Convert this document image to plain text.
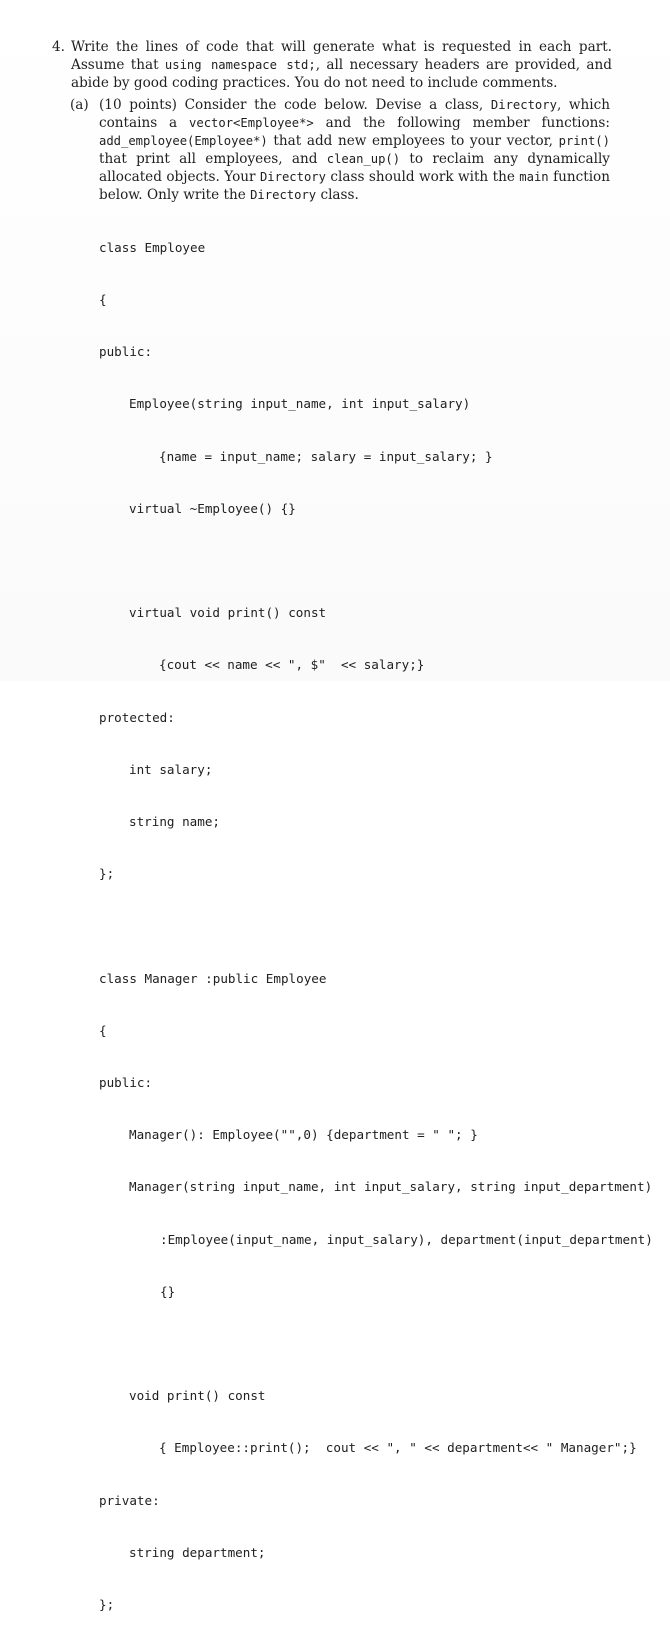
4. Write the lines of code that will generate what is requested in each part. Assume that using namespace std;, all necessary headers are provided, and abide by good coding practices. You do not need to include comments.
(a) (10 points) Consider the code below. Devise a class, Directory, which contains a vector<Employee*> and the following member functions: add_employee(Employee*) that add new employees to your vector, print() that print all employees, and clean_up() to reclaim any dynamically allocated objects. Your Directory class should work with the main function below. Only write the Directory class.

class Employee

{

public:

Employee(string input_name, int input_salary)

{name = input_name; salary = input_salary; }

virtual ~Employee() {}

virtual void print() const

{cout << name << ", $"  << salary;}

protected:

int salary;

string name;

};

class Manager :public Employee

{

public:

Manager(): Employee("",0) {department = " "; }

Manager(string input_name, int input_salary, string input_department)

:Employee(input_name, input_salary), department(input_department)

{}

void print() const

{ Employee::print();  cout << ", " << department<< " Manager";}

private:

string department;

};
